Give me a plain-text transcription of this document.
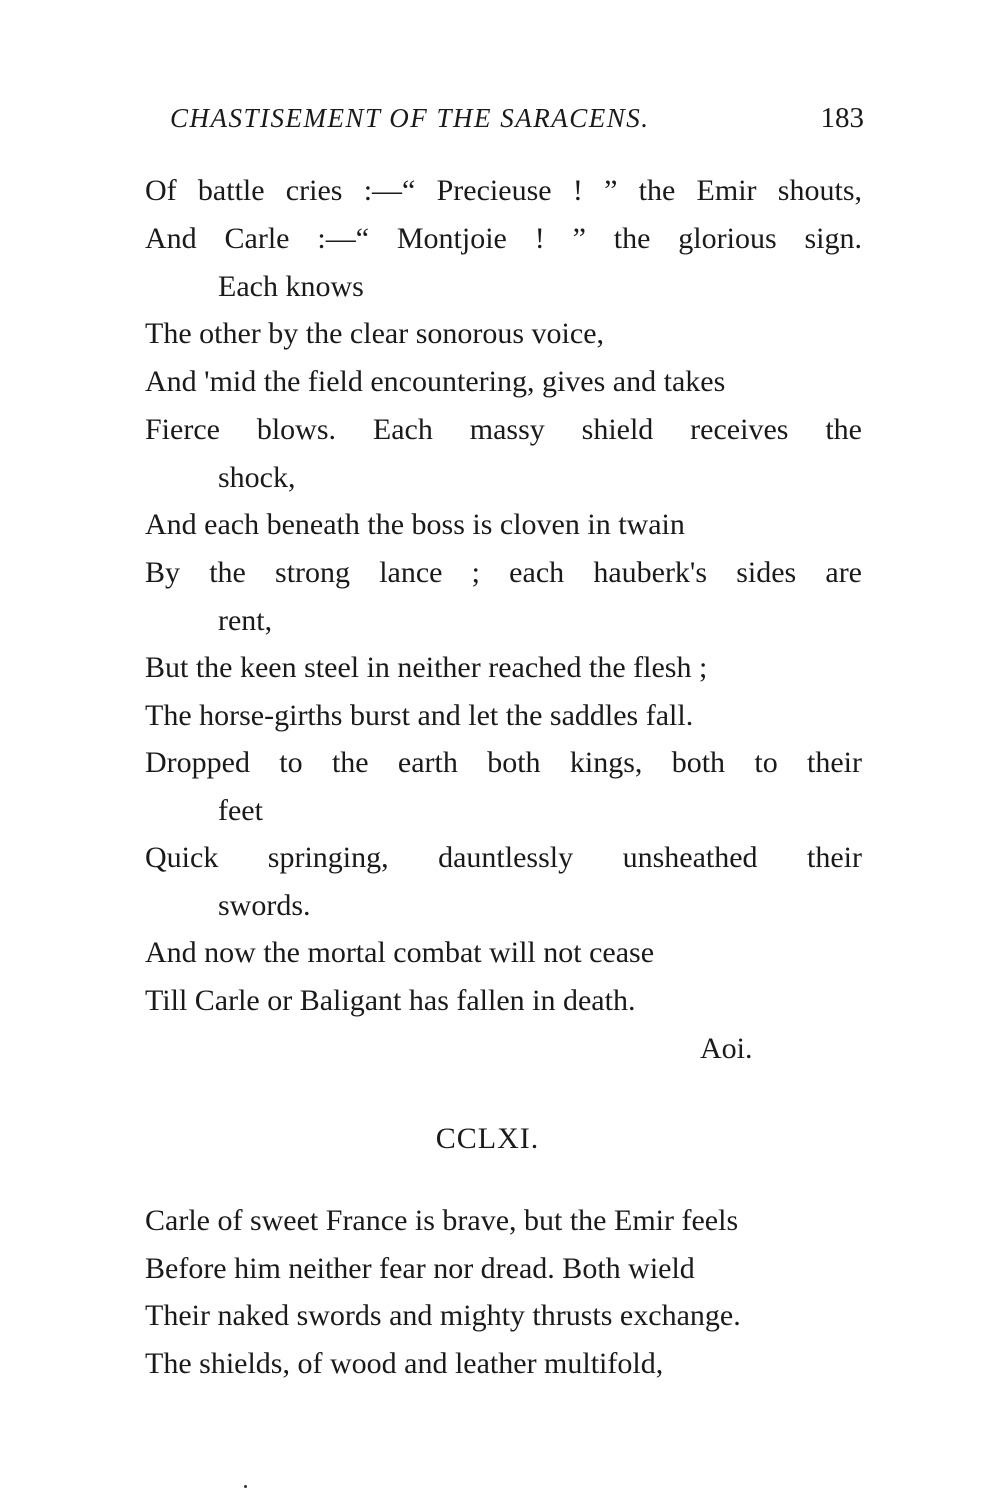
CHASTISEMENT OF THE SARACENS.	183
Of battle cries :—“ Precieuse ! ” the Emir shouts,
And Carle :—“ Montjoie ! ” the glorious sign.
Each knows
The other by the clear sonorous voice,
And 'mid the field encountering, gives and takes
Fierce blows. Each massy shield receives the
shock,
And each beneath the boss is cloven in twain
By the strong lance ; each hauberk's sides are
rent,
But the keen steel in neither reached the flesh ;
The horse-girths burst and let the saddles fall.
Dropped to the earth both kings, both to their
feet
Quick springing, dauntlessly unsheathed their
swords.
And now the mortal combat will not cease
Till Carle or Baligant has fallen in death.
Aoi.
CCLXI.
Carle of sweet France is brave, but the Emir feels
Before him neither fear nor dread. Both wield
Their naked swords and mighty thrusts exchange.
The shields, of wood and leather multifold,
